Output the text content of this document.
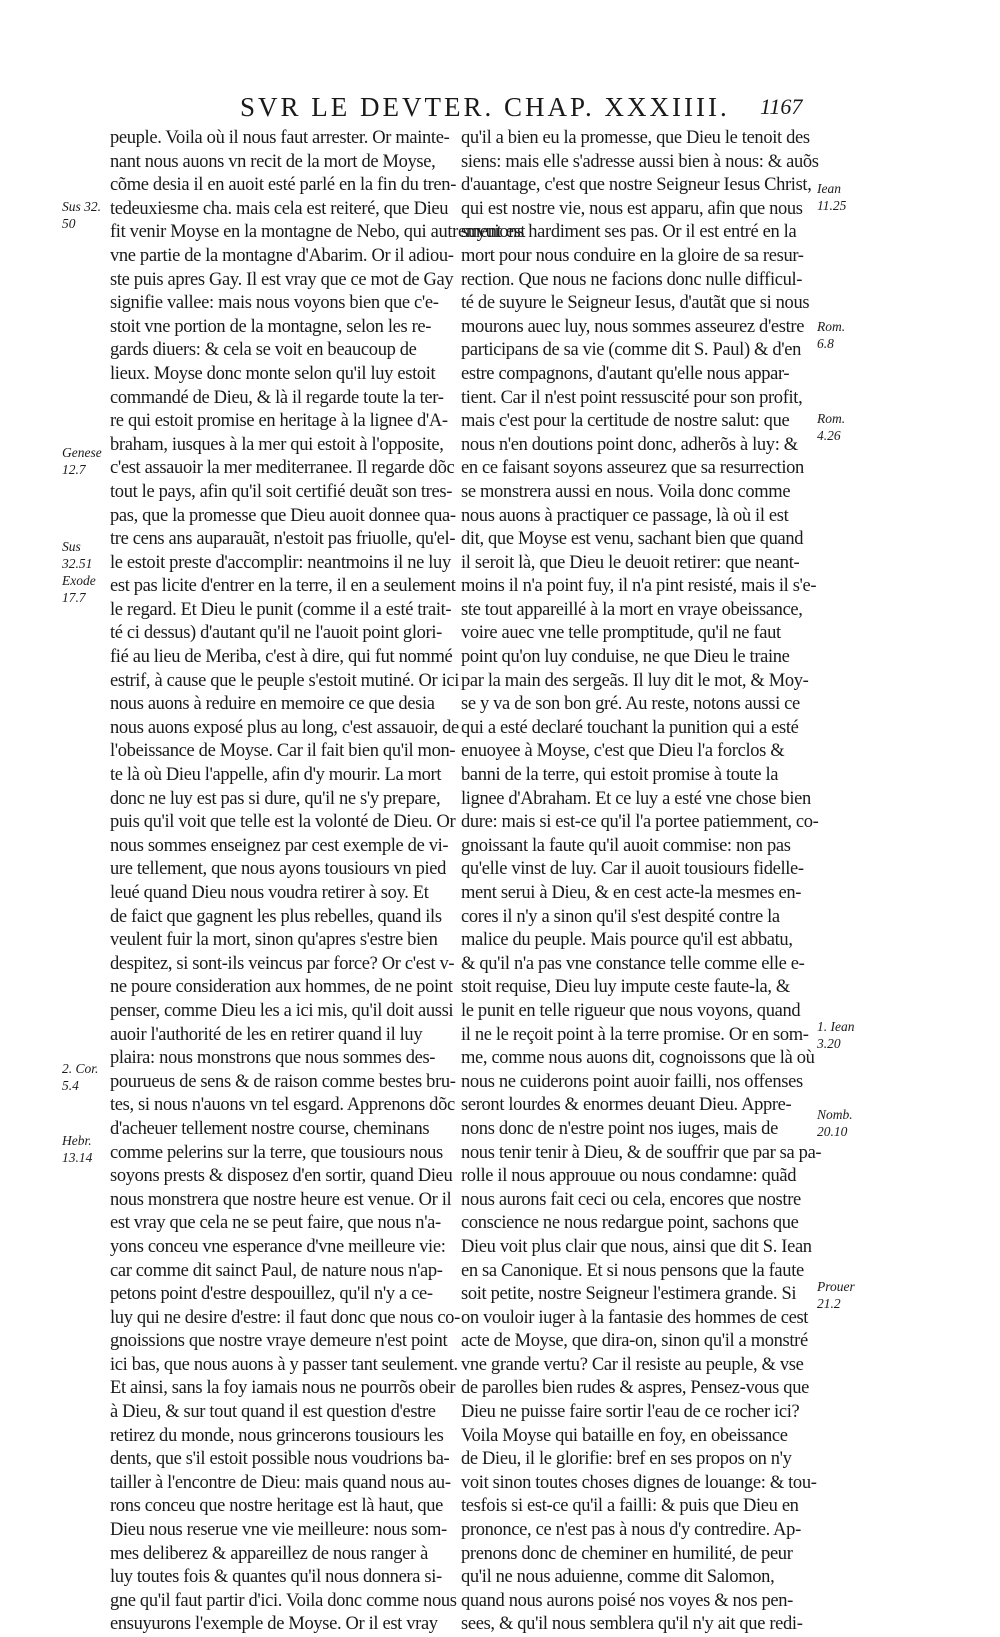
SVR LE DEVTER. CHAP. XXXIIII. 1167
peuple. Voila où il nous faut arrester. Or mainte-
nant nous auons vn recit de la mort de Moyse,
cõme desia il en auoit esté parlé en la fin du tren-
tedeuxiesme cha. mais cela est reiteré, que Dieu
fit venir Moyse en la montagne de Nebo, qui autrement est
vne partie de la montagne d'Abarim. Or il adiou-
ste puis apres Gay. Il est vray que ce mot de Gay
signifie vallee: mais nous voyons bien que c'e-
stoit vne portion de la montagne, selon les re-
gards diuers: & cela se voit en beaucoup de
lieux. Moyse donc monte selon qu'il luy estoit
commandé de Dieu, & là il regarde toute la ter-
re qui estoit promise en heritage à la lignee d'A-
braham, iusques à la mer qui estoit à l'opposite,
c'est assauoir la mer mediterranee. Il regarde dõc
tout le pays, afin qu'il soit certifié deuãt son tres-
pas, que la promesse que Dieu auoit donnee qua-
tre cens ans auparauãt, n'estoit pas friuolle, qu'el-
le estoit preste d'accomplir: neantmoins il ne luy
est pas licite d'entrer en la terre, il en a seulement
le regard. Et Dieu le punit (comme il a esté trait-
té ci dessus) d'autant qu'il ne l'auoit point glori-
fié au lieu de Meriba, c'est à dire, qui fut nommé
estrif, à cause que le peuple s'estoit mutiné. Or ici
nous auons à reduire en memoire ce que desia
nous auons exposé plus au long, c'est assauoir, de
l'obeissance de Moyse. Car il fait bien qu'il mon-
te là où Dieu l'appelle, afin d'y mourir. La mort
donc ne luy est pas si dure, qu'il ne s'y prepare,
puis qu'il voit que telle est la volonté de Dieu. Or
nous sommes enseignez par cest exemple de vi-
ure tellement, que nous ayons tousiours vn pied
leué quand Dieu nous voudra retirer à soy. Et
de faict que gagnent les plus rebelles, quand ils
veulent fuir la mort, sinon qu'apres s'estre bien
despitez, si sont-ils veincus par force? Or c'est v-
ne poure consideration aux hommes, de ne point
penser, comme Dieu les a ici mis, qu'il doit aussi
auoir l'authorité de les en retirer quand il luy
plaira: nous monstrons que nous sommes des-
pourueus de sens & de raison comme bestes bru-
tes, si nous n'auons vn tel esgard. Apprenons dõc
d'acheuer tellement nostre course, cheminans
comme pelerins sur la terre, que tousiours nous
soyons prests & disposez d'en sortir, quand Dieu
nous monstrera que nostre heure est venue. Or il
est vray que cela ne se peut faire, que nous n'a-
yons conceu vne esperance d'vne meilleure vie:
car comme dit sainct Paul, de nature nous n'ap-
petons point d'estre despouillez, qu'il n'y a ce-
luy qui ne desire d'estre: il faut donc que nous co-
gnoissions que nostre vraye demeure n'est point
ici bas, que nous auons à y passer tant seulement.
Et ainsi, sans la foy iamais nous ne pourrõs obeir
à Dieu, & sur tout quand il est question d'estre
retirez du monde, nous grincerons tousiours les
dents, que s'il estoit possible nous voudrions ba-
tailler à l'encontre de Dieu: mais quand nous au-
rons conceu que nostre heritage est là haut, que
Dieu nous reserue vne vie meilleure: nous som-
mes deliberez & appareillez de nous ranger à
luy toutes fois & quantes qu'il nous donnera si-
gne qu'il faut partir d'ici. Voila donc comme nous
ensuyurons l'exemple de Moyse. Or il est vray
qu'il a bien eu la promesse, que Dieu le tenoit des
siens: mais elle s'adresse aussi bien à nous: & auõs
d'auantage, c'est que nostre Seigneur Iesus Christ,
qui est nostre vie, nous est apparu, afin que nous
suyuions hardiment ses pas. Or il est entré en la
mort pour nous conduire en la gloire de sa resur-
rection. Que nous ne facions donc nulle difficul-
té de suyure le Seigneur Iesus, d'autãt que si nous
mourons auec luy, nous sommes asseurez d'estre
participans de sa vie (comme dit S. Paul) & d'en
estre compagnons, d'autant qu'elle nous appar-
tient. Car il n'est point ressuscité pour son profit,
mais c'est pour la certitude de nostre salut: que
nous n'en doutions point donc, adherõs à luy: &
en ce faisant soyons asseurez que sa resurrection
se monstrera aussi en nous. Voila donc comme
nous auons à practiquer ce passage, là où il est
dit, que Moyse est venu, sachant bien que quand
il seroit là, que Dieu le deuoit retirer: que neant-
moins il n'a point fuy, il n'a pint resisté, mais il s'e-
ste tout appareillé à la mort en vraye obeissance,
voire auec vne telle promptitude, qu'il ne faut
point qu'on luy conduise, ne que Dieu le traine
par la main des sergeãs. Il luy dit le mot, & Moy-
se y va de son bon gré. Au reste, notons aussi ce
qui a esté declaré touchant la punition qui a esté
enuoyee à Moyse, c'est que Dieu l'a forclos &
banni de la terre, qui estoit promise à toute la
lignee d'Abraham. Et ce luy a esté vne chose bien
dure: mais si est-ce qu'il l'a portee patiemment, co-
gnoissant la faute qu'il auoit commise: non pas
qu'elle vinst de luy. Car il auoit tousiours fidelle-
ment serui à Dieu, & en cest acte-la mesmes en-
cores il n'y a sinon qu'il s'est despité contre la
malice du peuple. Mais pource qu'il est abbatu,
& qu'il n'a pas vne constance telle comme elle e-
stoit requise, Dieu luy impute ceste faute-la, &
le punit en telle rigueur que nous voyons, quand
il ne le reçoit point à la terre promise. Or en som-
me, comme nous auons dit, cognoissons que là où
nous ne cuiderons point auoir failli, nos offenses
seront lourdes & enormes deuant Dieu. Appre-
nons donc de n'estre point nos iuges, mais de
nous tenir tenir à Dieu, & de souffrir que par sa pa-
rolle il nous approuue ou nous condamne: quãd
nous aurons fait ceci ou cela, encores que nostre
conscience ne nous redargue point, sachons que
Dieu voit plus clair que nous, ainsi que dit S. Iean
en sa Canonique. Et si nous pensons que la faute
soit petite, nostre Seigneur l'estimera grande. Si
on vouloir iuger à la fantasie des hommes de cest
acte de Moyse, que dira-on, sinon qu'il a monstré
vne grande vertu? Car il resiste au peuple, & vse
de parolles bien rudes & aspres, Pensez-vous que
Dieu ne puisse faire sortir l'eau de ce rocher ici?
Voila Moyse qui bataille en foy, en obeissance
de Dieu, il le glorifie: bref en ses propos on n'y
voit sinon toutes choses dignes de louange: & tou-
tesfois si est-ce qu'il a failli: & puis que Dieu en
prononce, ce n'est pas à nous d'y contredire. Ap-
prenons donc de cheminer en humilité, de peur
qu'il ne nous aduienne, comme dit Salomon,
quand nous aurons poisé nos voyes & nos pen-
sees, & qu'il nous semblera qu'il n'y ait que redi-
Sus 32.
50
Genese
12.7
Sus
32.51
Exode
17.7
2. Cor.
5.4
Hebr.
13.14
Iean
11.25
Rom.
6.8
Rom.
4.26
1. Iean
3.20
Nomb.
20.10
Prouer
21.2
